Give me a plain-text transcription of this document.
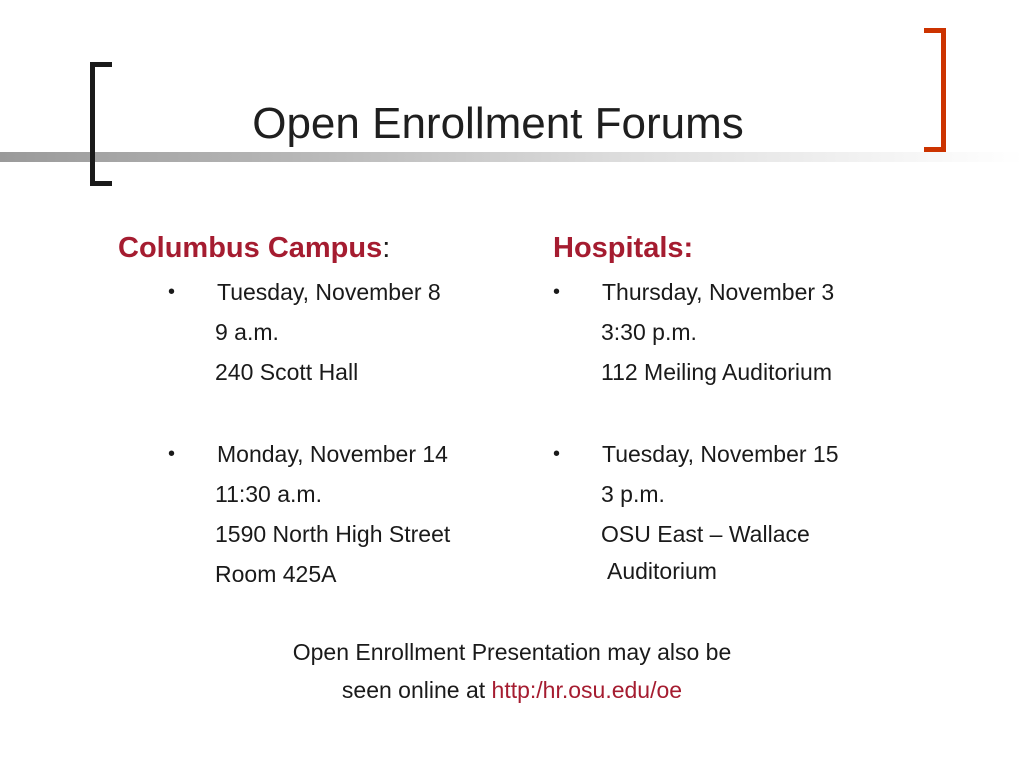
Open Enrollment Forums
Columbus Campus:
•	Tuesday, November 8
9 a.m.
240 Scott Hall
•	Monday, November 14
11:30 a.m.
1590 North High Street
Room 425A
Hospitals:
•	Thursday, November 3
3:30 p.m.
112 Meiling Auditorium
•	Tuesday, November 15
3 p.m.
OSU East – Wallace
Auditorium
Open Enrollment Presentation may also be
seen online at http:/hr.osu.edu/oe
